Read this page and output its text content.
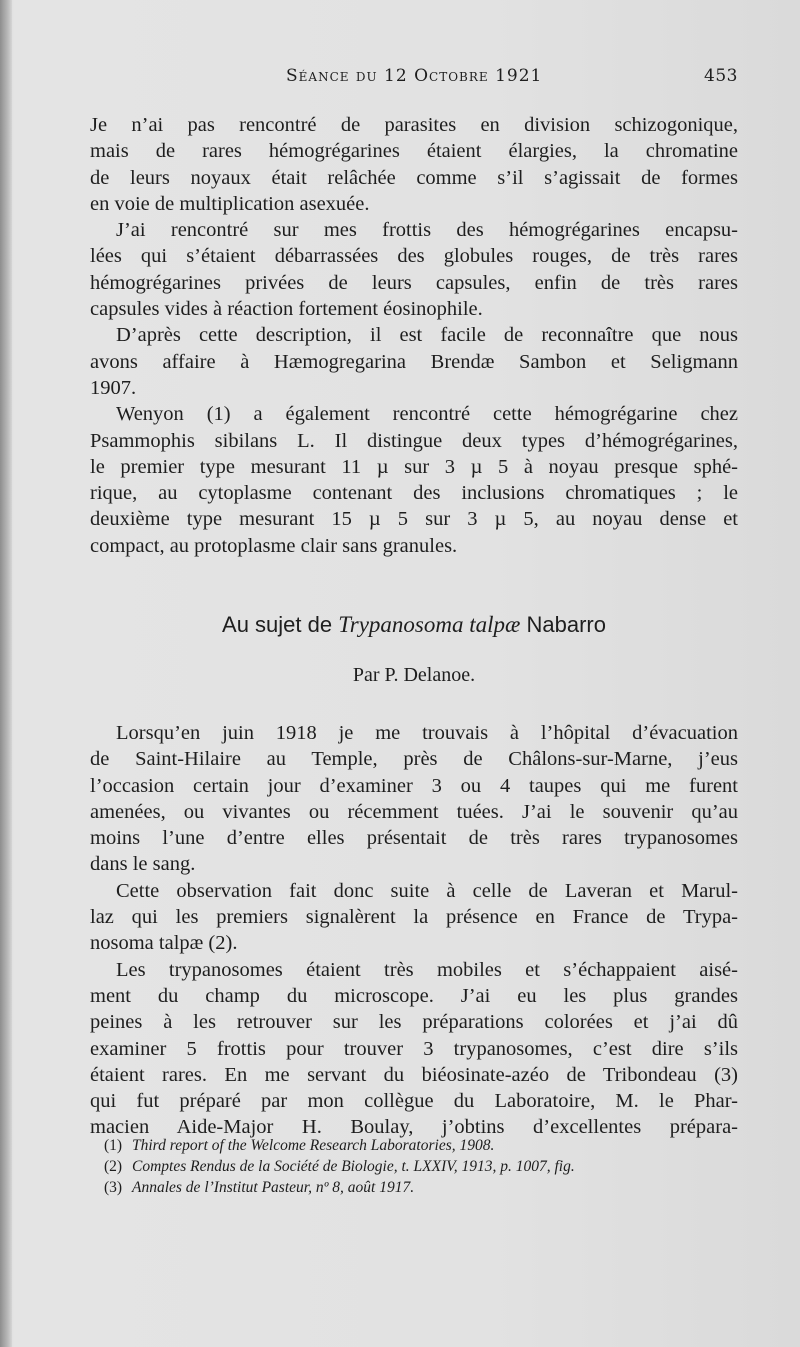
Séance du 12 Octobre 1921	453
Je n’ai pas rencontré de parasites en division schizogonique,
mais de rares hémogrégarines étaient élargies, la chromatine
de leurs noyaux était relâchée comme s’il s’agissait de formes
en voie de multiplication asexuée.
J’ai rencontré sur mes frottis des hémogrégarines encapsu-
lées qui s’étaient débarrassées des globules rouges, de très rares
hémogrégarines privées de leurs capsules, enfin de très rares
capsules vides à réaction fortement éosinophile.
D’après cette description, il est facile de reconnaître que nous
avons affaire à Hæmogregarina Brendæ Sambon et Seligmann
1907.
Wenyon (1) a également rencontré cette hémogrégarine chez
Psammophis sibilans L. Il distingue deux types d’hémogrégarines,
le premier type mesurant 11 µ sur 3 µ 5 à noyau presque sphé-
rique, au cytoplasme contenant des inclusions chromatiques ; le
deuxième type mesurant 15 µ 5 sur 3 µ 5, au noyau dense et
compact, au protoplasme clair sans granules.
Au sujet de Trypanosoma talpæ Nabarro
Par P. Delanoe.
Lorsqu’en juin 1918 je me trouvais à l’hôpital d’évacuation
de Saint-Hilaire au Temple, près de Châlons-sur-Marne, j’eus
l’occasion certain jour d’examiner 3 ou 4 taupes qui me furent
amenées, ou vivantes ou récemment tuées. J’ai le souvenir qu’au
moins l’une d’entre elles présentait de très rares trypanosomes
dans le sang.
Cette observation fait donc suite à celle de Laveran et Marul-
laz qui les premiers signalèrent la présence en France de Trypa-
nosoma talpæ (2).
Les trypanosomes étaient très mobiles et s’échappaient aisé-
ment du champ du microscope. J’ai eu les plus grandes
peines à les retrouver sur les préparations colorées et j’ai dû
examiner 5 frottis pour trouver 3 trypanosomes, c’est dire s’ils
étaient rares. En me servant du biéosinate-azéo de Tribondeau (3)
qui fut préparé par mon collègue du Laboratoire, M. le Phar-
macien Aide-Major H. Boulay, j’obtins d’excellentes prépara-
(1) Third report of the Welcome Research Laboratories, 1908.
(2) Comptes Rendus de la Société de Biologie, t. LXXIV, 1913, p. 1007, fig.
(3) Annales de l’Institut Pasteur, nº 8, août 1917.
